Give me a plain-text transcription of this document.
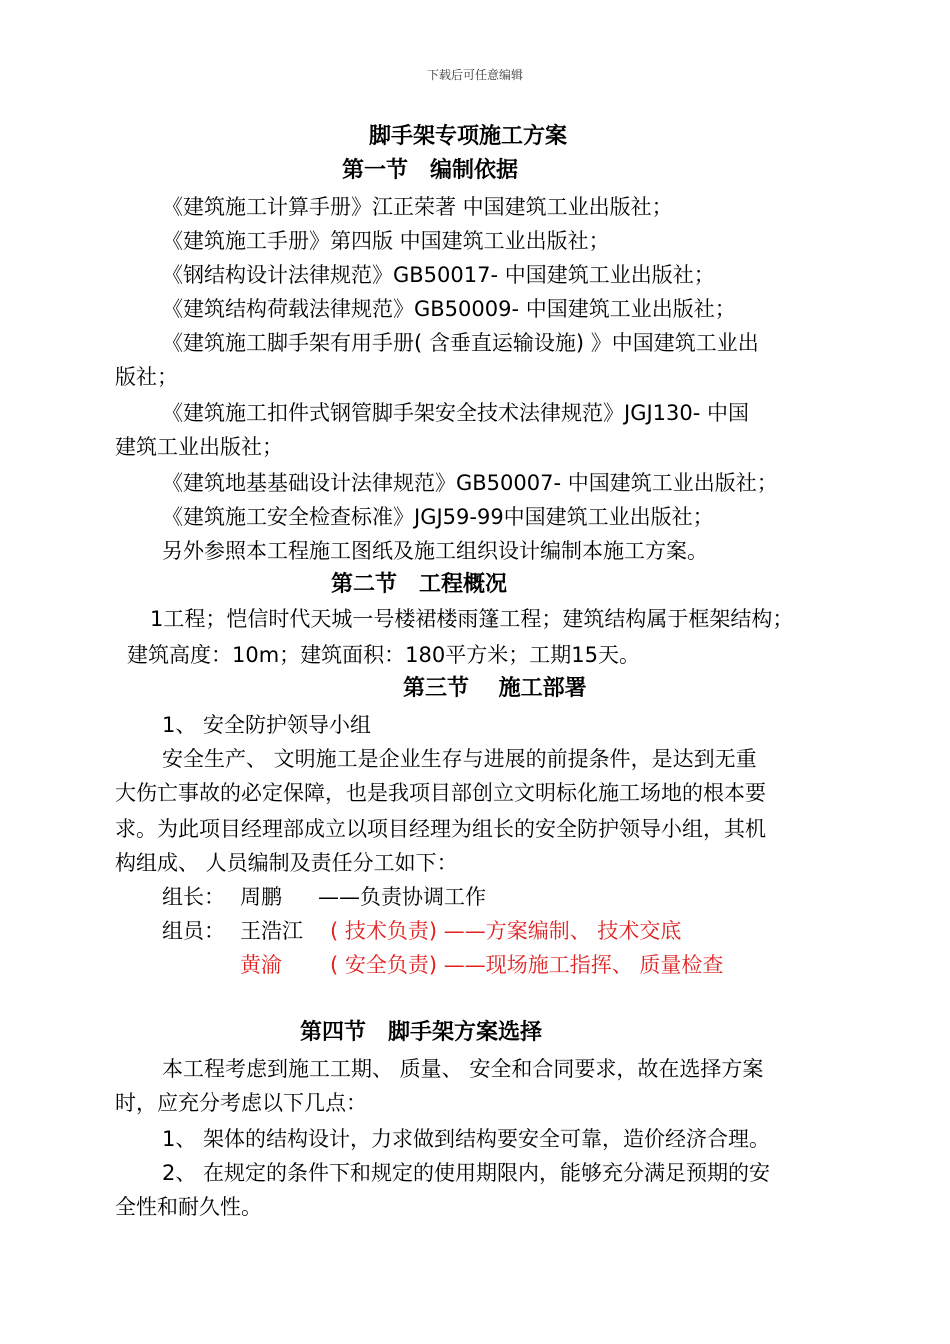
下载后可任意编辑
脚手架专项施工方案
第一节　编制依据
《建筑施工计算手册》江正荣著 中国建筑工业出版社；
《建筑施工手册》第四版 中国建筑工业出版社；
《钢结构设计法律规范》GB50017- 中国建筑工业出版社；
《建筑结构荷载法律规范》GB50009- 中国建筑工业出版社；
《建筑施工脚手架有用手册( 含垂直运输设施) 》中国建筑工业出
版社；
《建筑施工扣件式钢管脚手架安全技术法律规范》JGJ130- 中国
建筑工业出版社；
《建筑地基基础设计法律规范》GB50007- 中国建筑工业出版社；
《建筑施工安全检查标准》JGJ59-99中国建筑工业出版社；
另外参照本工程施工图纸及施工组织设计编制本施工方案。
第二节　工程概况
1工程；恺信时代天城一号楼裙楼雨篷工程；建筑结构属于框架结构；
建筑高度：10m；建筑面积：180平方米；工期15天。
第三节　 施工部署
1、 安全防护领导小组
安全生产、 文明施工是企业生存与进展的前提条件，是达到无重
大伤亡事故的必定保障，也是我项目部创立文明标化施工场地的根本要
求。为此项目经理部成立以项目经理为组长的安全防护领导小组，其机
构组成、 人员编制及责任分工如下：
组长： 周鹏 ——负责协调工作
组员： 王浩江 ( 技术负责) ——方案编制、 技术交底
黄渝 ( 安全负责) ——现场施工指挥、 质量检查
第四节　脚手架方案选择
本工程考虑到施工工期、 质量、 安全和合同要求，故在选择方案
时，应充分考虑以下几点：
1、 架体的结构设计，力求做到结构要安全可靠，造价经济合理。
2、 在规定的条件下和规定的使用期限内，能够充分满足预期的安
全性和耐久性。
